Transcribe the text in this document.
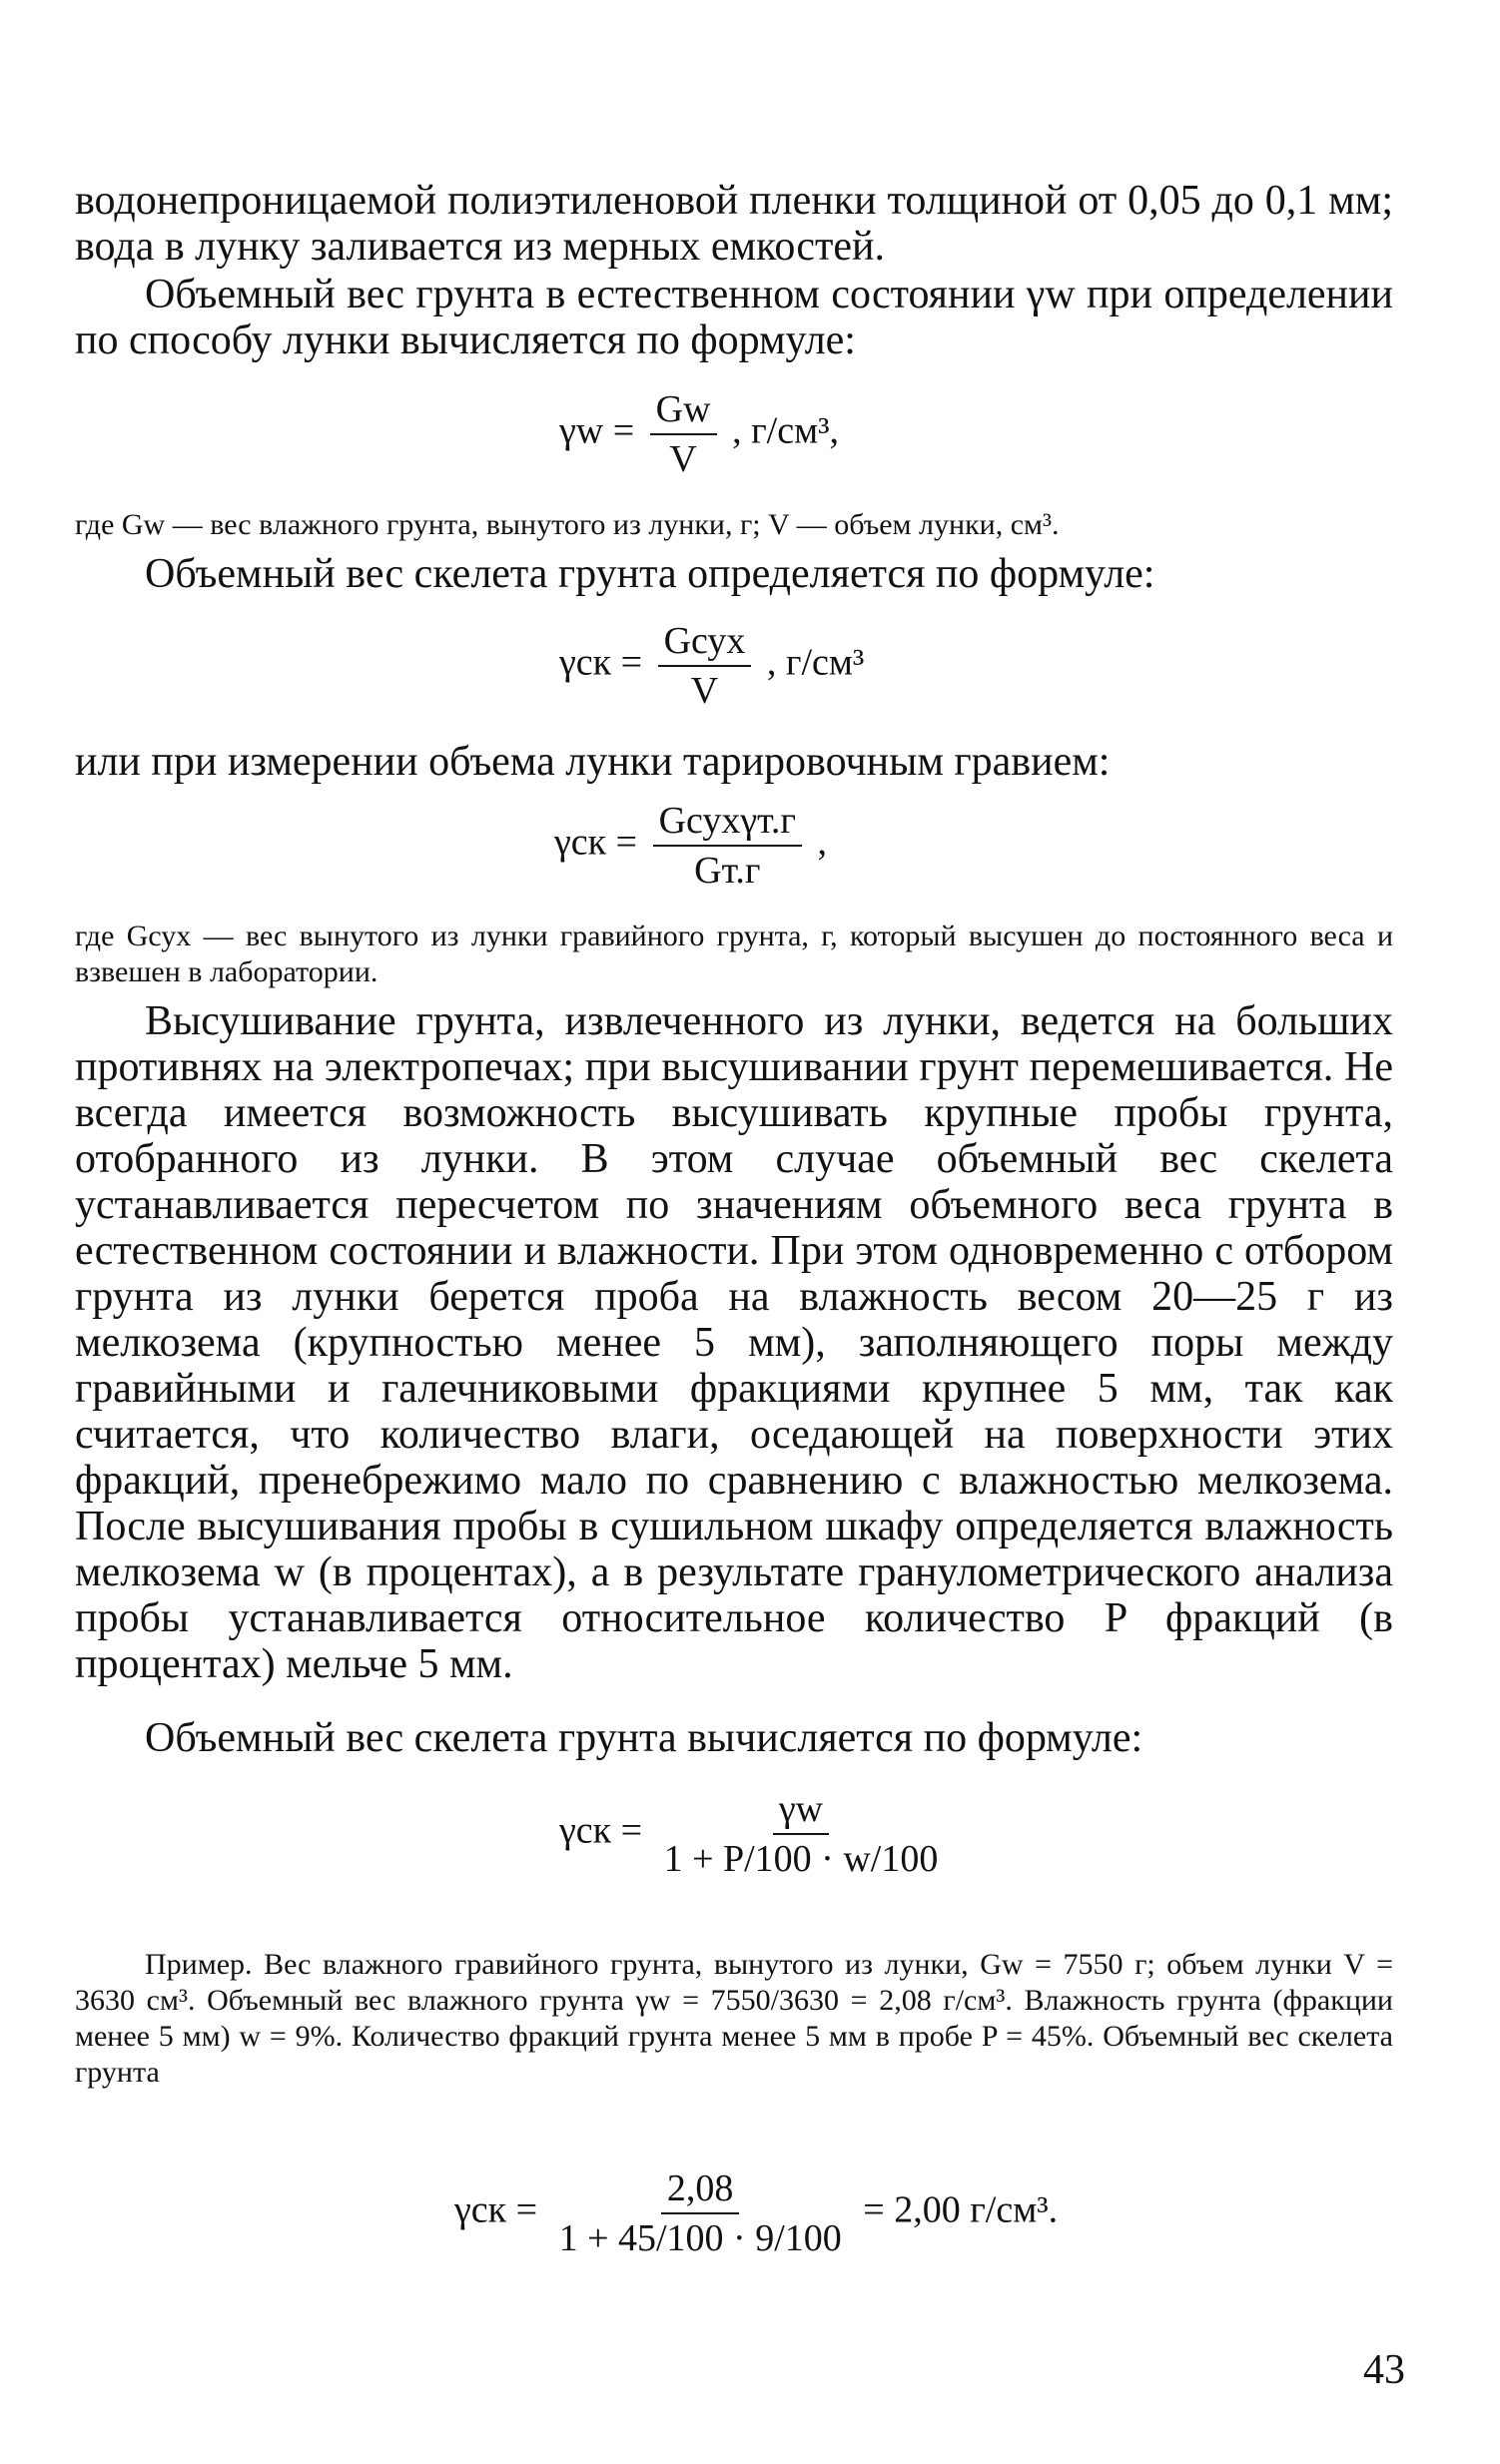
водонепроницаемой полиэтиленовой пленки толщиной от 0,05 до 0,1 мм; вода в лунку заливается из мерных емкостей.

Объемный вес грунта в естественном состоянии γw при определении по способу лунки вычисляется по формуле:

$\gamma w = \frac{Gw}{V}$ , г/см³,

где Gw — вес влажного грунта, вынутого из лунки, г; V — объем лунки, см³.

Объемный вес скелета грунта определяется по формуле:

$\gamma ск = \frac{\text{Gсух}}{V}$ , г/см³

или при измерении объема лунки тарировочным гравием:

$\gamma ск = \frac{\text{Gсухγт.г}}{Gт.г}$ ,

где Gсух — вес вынутого из лунки гравийного грунта, г, который высушен до постоянного веса и взвешен в лаборатории.

Высушивание грунта, извлеченного из лунки, ведется на больших противнях на электропечах; при высушивании грунт перемешивается. Не всегда имеется возможность высушивать крупные пробы грунта, отобранного из лунки. В этом случае объемный вес скелета устанавливается пересчетом по значениям объемного веса грунта в естественном состоянии и влажности. При этом одновременно с отбором грунта из лунки берется проба на влажность весом 20—25 г из мелкозема (крупностью менее 5 мм), заполняющего поры между гравийными и галечниковыми фракциями крупнее 5 мм, так как считается, что количество влаги, оседающей на поверхности этих фракций, пренебрежимо мало по сравнению с влажностью мелкозема. После высушивания пробы в сушильном шкафу определяется влажность мелкозема w (в процентах), а в результате гранулометрического анализа пробы устанавливается относительное количество P фракций (в процентах) мельче 5 мм.

Объемный вес скелета грунта вычисляется по формуле:

$\gamma ск = \frac{\gamma w}{1 + P/100 \cdot w/100}$

Пример. Вес влажного гравийного грунта, вынутого из лунки, Gw = 7550 г; объем лунки V = 3630 см³. Объемный вес влажного грунта γw = 7550/3630 = 2,08 г/см³. Влажность грунта (фракции менее 5 мм) w = 9%. Количество фракций грунта менее 5 мм в пробе P = 45%. Объемный вес скелета грунта

$\gamma ск = \frac{2,08}{1 + 45/100 \cdot 9/100} = 2,00$ г/см³.
43
